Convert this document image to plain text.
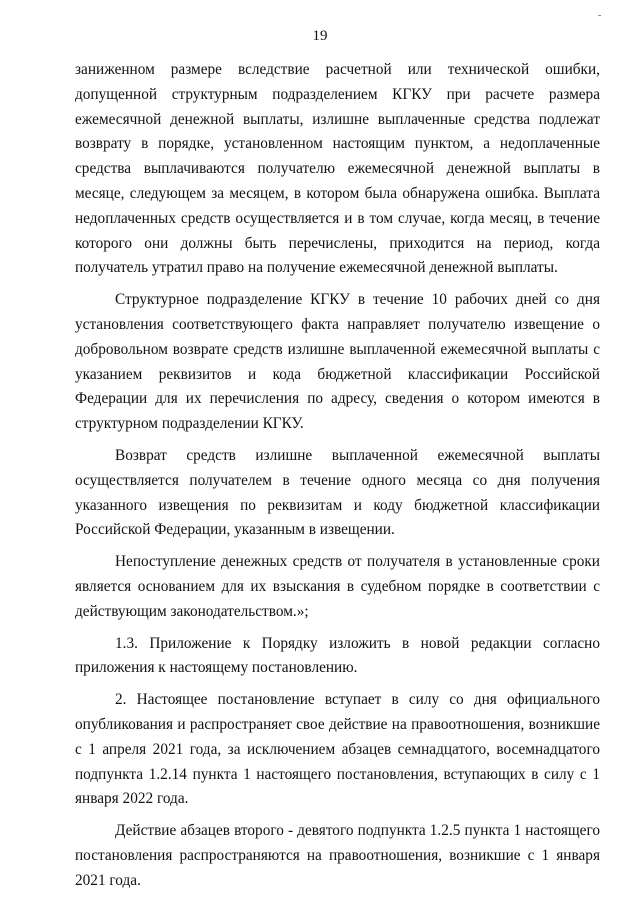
19
-

заниженном размере вследствие расчетной или технической ошибки, допущенной структурным подразделением КГКУ при расчете размера ежемесячной денежной выплаты, излишне выплаченные средства подлежат возврату в порядке, установленном настоящим пунктом, а недоплаченные средства выплачиваются получателю ежемесячной денежной выплаты в месяце, следующем за месяцем, в котором была обнаружена ошибка. Выплата недоплаченных средств осуществляется и в том случае, когда месяц, в течение которого они должны быть перечислены, приходится на период, когда получатель утратил право на получение ежемесячной денежной выплаты.

Структурное подразделение КГКУ в течение 10 рабочих дней со дня установления соответствующего факта направляет получателю извещение о добровольном возврате средств излишне выплаченной ежемесячной выплаты с указанием реквизитов и кода бюджетной классификации Российской Федерации для их перечисления по адресу, сведения о котором имеются в структурном подразделении КГКУ.

Возврат средств излишне выплаченной ежемесячной выплаты осуществляется получателем в течение одного месяца со дня получения указанного извещения по реквизитам и коду бюджетной классификации Российской Федерации, указанным в извещении.

Непоступление денежных средств от получателя в установленные сроки является основанием для их взыскания в судебном порядке в соответствии с действующим законодательством.»;

1.3. Приложение к Порядку изложить в новой редакции согласно приложения к настоящему постановлению.

2. Настоящее постановление вступает в силу со дня официального опубликования и распространяет свое действие на правоотношения, возникшие с 1 апреля 2021 года, за исключением абзацев семнадцатого, восемнадцатого подпункта 1.2.14 пункта 1 настоящего постановления, вступающих в силу с 1 января 2022 года.

Действие абзацев второго - девятого подпункта 1.2.5 пункта 1 настоящего постановления распространяются на правоотношения, возникшие с 1 января 2021 года.
